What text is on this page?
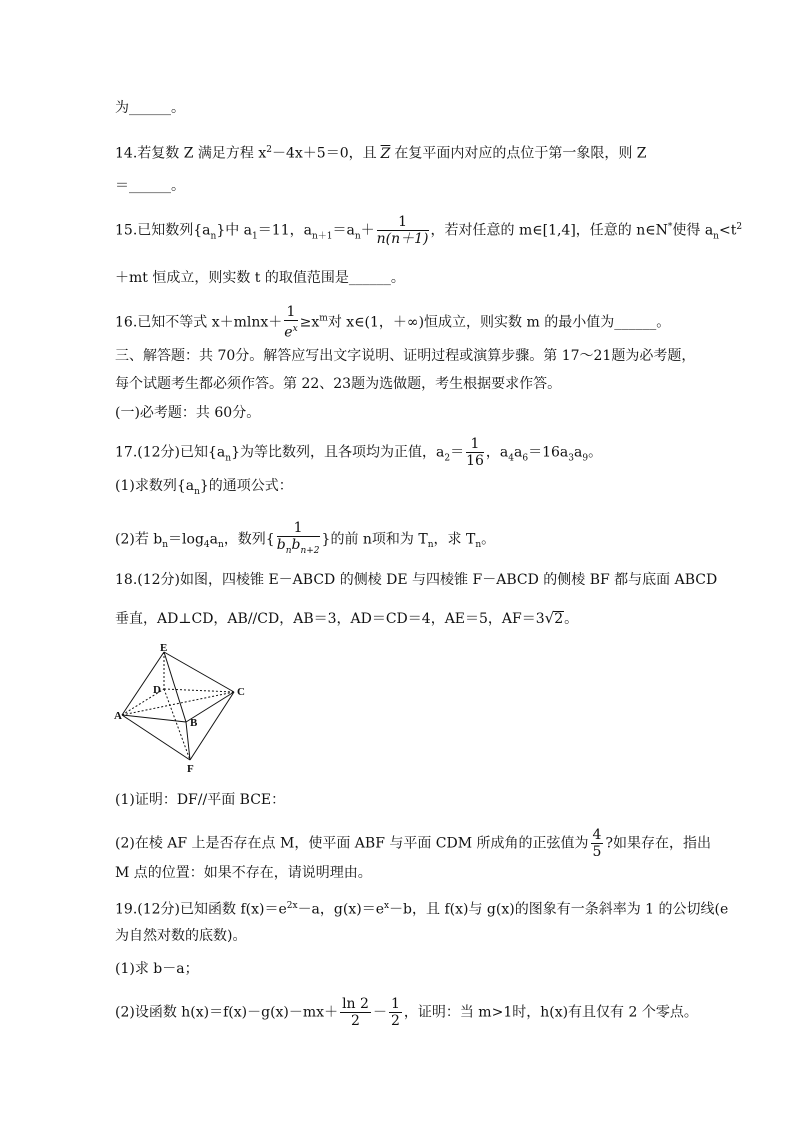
为______。
14.若复数 Z 满足方程 $x^2-4x+5=0$，且 $\overline{Z}$ 在复平面内对应的点位于第一象限，则 Z
＝______。
15.已知数列$\{a_n\}$中 $a_1=11$，$a_{n+1}=a_n+ \frac{1}{n(n+1)}$ ，若对任意的 m∈[1,4]，任意的 n∈N*使得 $a_n<t^2$
＋mt 恒成立，则实数 t 的取值范围是______。
16.已知不等式 $x+mlnx+ \frac{1}{e^x} \ge x^m$对 x∈(1，＋∞)恒成立，则实数 m 的最小值为______。
三、解答题：共 70分。解答应写出文字说明、证明过程或演算步骤。第 17～21题为必考题，
每个试题考生都必须作答。第 22、23题为选做题，考生根据要求作答。
(一)必考题：共 60分。
17.(12分)已知$\{a_n\}$为等比数列，且各项均为正值，$a_2= \frac{1}{16}$ ，$a_4a_6=16a_3a_9$。
(1)求数列$\{a_n\}$的通项公式：
(2)若 $b_n=\log_4a_n$，数列{ $\frac{1}{b_nb_{n+2}}$ }的前 n项和为 $T_n$，求 $T_n$。
18.(12分)如图，四棱锥 E－ABCD 的侧棱 DE 与四棱锥 F－ABCD 的侧棱 BF 都与底面 ABCD
垂直，AD⊥CD，AB//CD，AB＝3，AD＝CD＝4，AE＝5，AF＝3√2。
E
D	C
A
B
F
(1)证明：DF//平面 BCE：
(2)在棱 AF 上是否存在点 M，使平面 ABF 与平面 CDM 所成角的正弦值为 $\frac{4}{5}$ ?如果存在，指出
M 点的位置：如果不存在，请说明理由。
19.(12分)已知函数 $f(x)=e^{2x}-a$，$g(x)=e^x-b$，且 f(x)与 g(x)的图象有一条斜率为 1 的公切线(e
为自然对数的底数)。
(1)求 b－a；
(2)设函数 $h(x)=f(x)-g(x)-mx+ \frac{\ln 2}{2} - \frac{1}{2}$ ，证明：当 m>1时，h(x)有且仅有 2 个零点。
